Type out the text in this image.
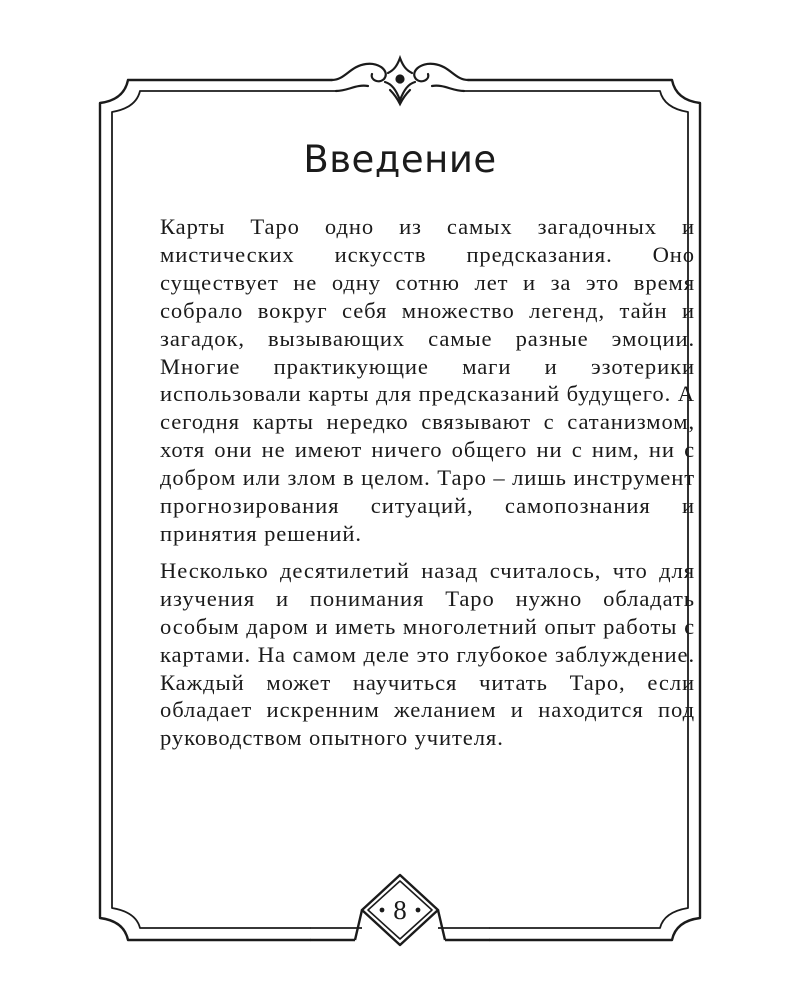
Введение

Карты Таро одно из самых загадочных и мистических искусств предсказания. Оно существует не одну сотню лет и за это время собрало вокруг себя множество легенд, тайн и загадок, вызывающих самые разные эмоции. Многие практикующие маги и эзотерики использовали карты для предсказаний будущего. А сегодня карты нередко связывают с сатанизмом, хотя они не имеют ничего общего ни с ним, ни с добром или злом в целом. Таро – лишь инструмент прогнозирования ситуаций, самопознания и принятия решений.

Несколько десятилетий назад считалось, что для изучения и понимания Таро нужно обладать особым даром и иметь многолетний опыт работы с картами. На самом деле это глубокое заблуждение. Каждый может научиться читать Таро, если обладает искренним желанием и находится под руководством опытного учителя.

8
